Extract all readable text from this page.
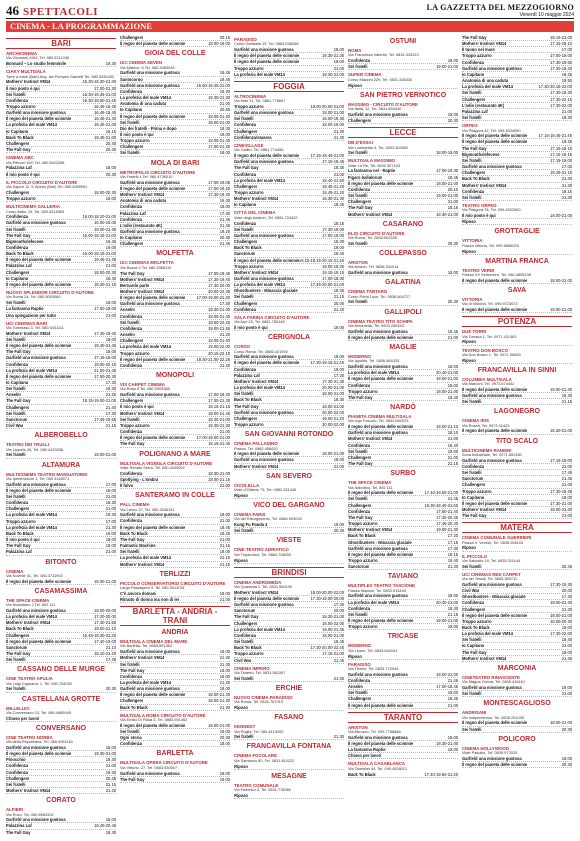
46 SPETTACOLI	LA GAZZETTA DEL MEZZOGIORNO
Venerdì 10 maggio 2024
CINEMA - LA PROGRAMMAZIONE
BARI
ARCHICINEMA
Via Giovanni XXIII, Tel. 080.5211036
Bonnard – Lo studio femminile	19.30
CIAKY MULTISALA
Torre a mare (Bari) Ang. via Pompeo Sarnelli Tel. 080.5430432
Mothers' Instinct VM14	16.30-18.30-21.30
Il mio posto è qui	17.00-21.30
Sei fratelli	16.30-18.45-21.00
Confidenza	16.30-18.50-21.45
Troppo azzurro	16.45-18.45
Garfield una missione gustosa	16.45-18.45
Il regno del pianeta delle scimmie	16.45-21.40
La profezia del male VM14	18.45-21.00
Io Capitano	16.15
Back To Black	18.45-21.00
Challengers	20.45
The Fall Guy	20.45
CINEMA ABC
Via Petroni 15/f, Tel. 080.5422268
Palazzina Laf	18.00
Il mio posto è qui	20.30
IL PICCOLO CIRCUITO D'AUTORE
Via Sapori 11, S.Spirito (Bari) Tel. 080.3399091
Challengers	18.00-20.30
Troppo azzurro	18.00
MULTICINEMA GALLERIA
Corso Italia, 15, Tel. 080.5214563
Confidenza	16.00-18.20-21.00
Garfield una missione gustosa	16.00-18.05
Sei fratelli	18.00-21.45
The Fall Guy	16.00-18.15-21.00
Bigmouthslefecese	16.45
Confidenza	19.00
Back To Black	16.00-18.15-21.00
Il regno del pianeta delle scimmie	19.45-21.45
Palazzina Laf	21.00
Challengers	18.00-20.30
Io Capitano	18.45
Il regno del pianeta delle scimmie	18.30-21.15
NUOVO SPLENDOR CIRCUITO D'AUTORE
Via Roma 24, Tel. 080.5093060
Sei fratelli	18.00
La fantasma Raptie	17.00-19.00
Una spiegazione per tutto	21.00
UCI CINEMAS BARI
Via Tommaso 3, Tel. 080.5431111
Mothers' Instinct VM14	17.30-19.40
Sei fratelli	18.00
Il regno del pianeta delle scimmie	18.40-21.45
The Fall Guy	18.00
Garfield una missione gustosa	17.15-19.00
Confidenza	19.00-20.15
La profezia del male VM14	21.00-21.45
Il regno del pianeta delle scimmie	17.50-20.30
Io Capitano	17.30
Sei fratelli	18.30
Anselm	21.25
The Fall Guy	18.15-19.00-21.00
Challengers	21.40
Sei fratelli	17.30
Sanctorum	17.45-19.55
Civil War	21.15
ALBEROBELLO
TEATRO DEI TRULLI
Via Lippolis 26, Tel. 080.4323036
Sei fratelli	18.00-21.00
ALTAMURA
MULTICINEMA TEATRO MANGIATORDI
Via Ipertensione 1, Tel. 080.3148071
Garfield una missione gustosa	17.00
Il regno del pianeta delle scimmie	18.00
Sei fratelli	21.00
Confidenza	18.30
Challengers	21.00
La profezia del male VM14	19.30
Troppo azzurro	17.00
La profezia del male VM14	21.30
Back To Black	19.00
Il mio posto è qui	18.00
The Fall Guy	18.00
Palazzina Laf	21.00
BITONTO
CINEMA
Via Novelle 31, Tel. 080.3711902
Il regno del pianeta delle scimmie	18.00-21.00
CASAMASSIMA
THE SPACE CINEMA
Via Noicattaro 2 Tel. 892 111
Garfield una missione gustosa	18.00-20.00
La profezia del male VM14	17.20-20.00
Mothers' Instinct VM14	17.40-21.55
Back To Black	18.00-21.10
Challengers	16.45-18.30-21.20
Il regno del pianeta delle scimmie	17.40-19.00
Sanctorum	21.10
The Fall Guy	18.10-21.20
Sei fratelli	17.45
CASSANO DELLE MURGE
CINE TEATRO APULIA
Via Luigi Capuana, 1, Tel. 080.764030
Sei fratelli	20.30
CASTELLANA GROTTE
MILLELUCI
Via Conversano 13, Tel. 080.4965045
Chiuso per lavori
CONVERSANO
CINE TEATRO NORBA
Via della Repubblica, Tel. 080.4951161
Garfield una missione gustosa	18.00
Il regno del pianeta delle scimmie	19.30-21.00
Pinocchio	18.30
Confidenza	21.00
Confidenza	19.30
Challengers	20.45
Sei fratelli	21.15
Mothers' Instinct VM14	21.40
CORATO
ALFIERI
Via Ruvo, Tel. 080.8983332
Garfield una missione gustosa	18.00
Palazzina Laf	18.40-20.45
The Fall Guy	18.30
Challengers	20.15
Il regno del pianeta delle scimmie	18.00-19.00
GIOIA DEL COLLE
UCI CINEMA SEVEN
Via Matrice, 5 Tel. 080.3483025
Garfield una missione gustosa	18.45
Santocorno	18.45
Garfield una missione gustosa	16.50-18.45-21.00
Confidenza	18.30
La profezia del male VM14	18.30-21.30
Anatomia di una caduta	21.00
Io Capitano	20.55
Il regno del pianeta delle scimmie	18.00-21.30
Sei fratelli	18.00-21.00
Dio dei fratelli - Prima e dopo	18.30
Il mio posto è qui	19.00
Troppo azzurro	19.00-21.45
Challengers	17.00-21.30
Sei fratelli	18.00
MOLA DI BARI
METROPOLIS CIRCUITO D'AUTORE
Via Fratelli 4 Tel. 080.4736010
Garfield una missione gustosa	17.00-19.05
Il regno del pianeta delle scimmie	17.00-19.25
Mothers' Instinct VM14	17.30-19.30
Anatomia di una caduta	19.30
Confidenza	18.00
Palazzina Laf	17.30
Confidenza	21.45
L'odio (restaurato 4K)	21.45
Garfield una missione gustosa	19.20
Io Capitano	20.30
Challengers	21.45
MOLFETTA
UCI CINEMAS MOLFETTA
Via Bozza 3 Tel. 080.3358110
The Fall Guy	17.00-19.45
Mothers' Instinct VM14	17.30-19.40
Bernardo parte	17.30-20.00
Mothers' Instinct VM14	20.00-22.35
Il regno del pianeta delle scimmie	17.00-19.00-21.30
Garfield una missione gustosa	17.30
Anselm	19.30-21.00
Confidenza	18.00-21.45
Sei fratelli	18.50-22.25
Confidenza	19.00-21.55
Anselm	21.20
Challengers	19.00-21.40
La profezia del male VM14	19.00-22.00
Troppo azzurro	20.15-22.10
Il regno del pianeta delle scimmie	18.30-21.00-22.25
Confidenza	21.30
MONOPOLI
VIS CARPET CINEMA
Via Rosa 3 Tel. 080.9303088
Garfield una missione gustosa	17.00-18.30
Challengers	17.00-21.30
Il mio posto è qui	18.15-21.15
Mothers' Instinct VM14	18.00-21.45
Sei fratelli	18.30-21.00
Troppo azzurro	18.30-21.30
Confidenza	21.00
Il regno del pianeta delle scimmie	17.00-19.00-21.00
The Fall Guy	19.15-21.45
POLIGNANO A MARE
MULTISALA VIGNOLA CIRCUITO D'AUTORE
Viale Renato Serra, Tel. 080.4240092
Confidenza	18.30-21.00
Spotlying - L'ombra	18.00-21.15
Il fulvo	21.00
SANTERAMO IN COLLE
PALL CINEMA
Via Lanzo 37, Tel. 080.3036151
Garfield una missione gustosa	19.00
Confidenza	21.00
Il regno del pianeta delle scimmie	18.45
Back To Black	18.45
The Fall Guy	21.00
Fantastic Machine	21.15
Sei fratelli	19.00
La profezia del male VM14	21.15
Mothers' Instinct VM14	21.15
TERLIZZI
PICCOLO CONSERVATORIO CIRCUITO D'AUTORE
Largo Passapera 3, Tel. 080.3513031
C'è ancora domani	19.00
Ritratto di donna ma non di lei	21.00
BARLETTA - ANDRIA - TRANI
ANDRIA
MULTISALA CINEMA DEL MARE
Via Barletta, Tel. 0883.591362
Garfield una missione gustosa	18.00
Mothers' Instinct VM14	21.30
Sei fratelli	21.30
The Fall Guy	18.00
Confidenza	18.00
La profezia del male VM14	21.30
Garfield una missione gustosa	18.00
Il regno del pianeta delle scimmie	18.00-21.30
Challengers	18.00-21.30
Back To Black	21.30
MULTISALA ROMA CIRCUITO D'AUTORE
Via Emilio Di Rosa 3, Tel. 0883.591362
Il regno del pianeta delle scimmie	18.00-21.00
Sei fratelli	18.00
Ogni storia	20.30
Confidenza	18.00
BARLETTA
MULTISALA OPERA CIRCUITO D'AUTORE
Via Vittorio, 27, Tel. 0883.530007
Garfield una missione gustosa	18.00
The Fall Guy	18.00
PARADISO
Corso Garibaldi 29, Tel. 0883.536048
Garfield una missione gustosa	18.00
Il regno del pianeta delle scimmie	18.30-21.30
Il regno del pianeta delle scimmie	18.00
Troppo azzurro	21.00
La profezia del male VM14	18.30-21.00
FOGGIA
ALTROCINEMA
Via Mari 11, Tel. 0881.778807
Troppo azzurro	18.00-20.00-21.00
Garfield una missione gustosa	18.00-21.00
Sei fratelli	18.00-19.30
Confidenza	18.00-19.00
Challengers	21.30
Confidenza/stasera	21.30
CINEVILLAGE
Via Galilei, Tel. 0881.774456
Il regno del pianeta delle scimmie	17.15-18.45-21.00
Garfield una missione gustosa	17.15-18.45
The Fall Guy	18.30
Confidenza	21.00
La profezia del male VM14	18.40-21.50
Challengers	18.45-21.20
Troppo azzurro	18.45-21.20
Mothers' Instinct VM14	18.30-21.30
Io Capitano	18.45
CITTÀ DEL CINEMA
Viale degli Aviatori, Tel. 0881.724422
Confidenza	18.15
Sei fratelli	17.30-19.00
Garfield una missione gustosa	17.00-18.00
Challengers	18.30
Back To Black	19.00
Sanctorum	19.40
Il regno del pianeta delle scimmie 18.15-19.15-20.15-21.45
Troppo azzurro	18.00-19.30
Mothers' Instinct VM14	18.15-19.15
Garfield una missione gustosa	17.00-18.30
La profezia del male VM14	17.45-20.00-21.00
Ghostbusters - Minaccia glaciale	18.40
Sei fratelli	21.15
Challengers	20.00
Confidenza	21.20
SALA FARINA CIRCUITO D'AUTORE
Via Arpi 25, Tel. 0881.750148
Il mio posto è qui	18.00
CERIGNOLA
CORSO
Corso Roma, Tel. 0885.421900
Garfield una missione gustosa	18.00
Il regno del pianeta delle scimmie	17.30-19.15-21.40
Confidenza	19.00
Palazzina Laf	17.30
Mothers' Instinct VM14	17.30-21.30
La profezia del male VM14	20.00-21.00
Sei fratelli	18.00-21.00
Back To Black	18.30
The Fall Guy	18.00-21.00
Garfield una missione gustosa	20.00-22.00
Challengers	19.00-21.20
Troppo azzurro	20.00-22.00
SAN GIOVANNI ROTONDO
CINEMA PALLADINO
Piazza, Tel. 0882.456020
Il regno del pianeta delle scimmie	18.00-21.00
Garfield una missione gustosa	18.00
Mothers' Instinct VM14	21.00
SAN SEVERO
CICOLELLA
Viale d'Ottavio 73, Tel. 0882.331446
Riposo
VICO DEL GARGANO
CINEMA PARIS
Via del Risorgimento, Tel. 0884.993033
Kung Fu Panda 4	19.00
Sei fratelli	20.30
VIESTE
CINE-TEATRO ADRIATICO
Via Trepiccioni, Tel. 0884.708000
Riposo
BRINDISI
CINEMA ANDROMEDA
Via Quaranta 1, Tel. 0831.569100
Mothers' Instinct VM14	18.00-20.00-22.00
Il regno del pianeta delle scimmie	17.30-18.00-20.00
Garfield una missione gustosa	17.30
Sanctorum	20.00
The Fall Guy	18.30-21.00
Challengers	18.00-22.00
La profezia del male VM14	19.00-21.45
Confidenza	18.00-21.00
Sei fratelli	18.45
Back To Black	17.30-20.00-22.45
Troppo azzurro	17.15-21.00
Civil War	21.45
CINEMA IMPERO
Via Taranto, Tel. 0831.562267
Sei fratelli	21.00
ERCHIE
NUOVO CINEMA PARADISO
Via Roma, Tel. 0831.767013
Riposo
FASANO
KENNEDY
Via Puglia, Tel. 080.4413000
Sei fratelli	21.30
FRANCAVILLA FONTANA
CINEMA FOCOLARE
Via Sambuco 80, Tel. 0831.810222
Riposo
MESAGNE
TEATRO COMUNALE
Via Federico II, Tel. 0831.778080
Riposo
OSTUNI
ROMA
Via Francesco Valente, Tel. 0831.333310
Confidenza	18.00
Sei fratelli	19.00-21.00
SUPER CINEMA
Corso Mazzini 229, Tel. 0831.338330
Riposo
SAN PIETRO VERNOTICO
MASSIMO - CIRCUITO D'AUTORE
Via Italia, 12, Tel. 0831.654440
Garfield una missione gustosa	18.00
Challengers	20.30
LECCE
DB D'ESSAI
Via Lombardia 4, Tel. 0832.304552
Sei fratelli	18.00-19.00
MULTISALA MASSIMO
Viale Lo Re, Tel. 0832.307433
La fantasma nel - Raptie	17.00-19.30
Figaro ballalorum	18.45
Il regno del pianeta delle scimmie	18.00-21.00
Confidenza	20.10
Sei fratelli	19.00-21.00
Challengers	21.00
The Fall Guy	18.15
Mothers' Instinct VM14	18.30-21.00
CASARANO
ELIO CIRCUITO D'AUTORE
Via Roma, Tel. 0833.502535
Sei fratelli	20.30
COLLEPASSO
ARISTON
Via Ariston, Tel. 0836.341014
Garfield una missione gustosa	18.00
GALATINA
CINEMA TARTARO
Corso Porta Luce, Tel. 0836.564727
Sei fratelli	20.30
GALLIPOLI
CINEMA TEATRO TITO SCHIPA
Via Antonietta, Tel. 0833.266163
Garfield una missione gustosa	18.45
Il regno del pianeta delle scimmie	21.00
MAGLIE
MODERNO
Via Ippolito, Tel. 0836.484333
Garfield una missione gustosa	18.00
La profezia del male VM14	20.40-21.00
Il regno del pianeta delle scimmie	18.00-21.00
Confidenza	18.00
Troppo azzurro	18.00-21.00
The Fall Guy	18.40
NARDÒ
PIANETA CINEMA MULTISALA
Via Ugo Foscolo, Tel. 0833.562023
Il regno del pianeta delle scimmie	18.00-21.10
Garfield una missione gustosa	18.10
Mothers' Instinct VM14	21.00
Confidenza	18.40
Sei fratelli	19.00
Challengers	21.00
The Fall Guy	21.15
SURBO
THE SPACE CINEMA
Via Sabotino, Tel. 892 111
Il regno del pianeta delle scimmie	17.40-18.50-21.00
Sei fratelli	21.45
Challengers	16.30-18.45-21.50
Confidenza	17.50-21.40
The Fall Guy	17.30-20.45
Troppo azzurro	17.45-20.40
Mothers' Instinct VM14	19.00-21.30
Back To Black	17.20
Ghostbusters - Minaccia glaciale	17.15
Garfield una missione gustosa	17.30
Il regno del pianeta delle scimmie	18.15
Troppo azzurro	19.40
Sanctorum	21.30
TAVIANO
MULTIPLEX TEATRO TASCIONE
Piazza Mazzini, Tel. 0833.913443
Garfield una missione gustosa	18.00
La profezia del male VM14	20.40-21.00
Confidenza	18.30
Sei fratelli	21.15
Il regno del pianeta delle scimmie	18.00-21.00
Troppo azzurro	19.00
TRICASE
MODERNO
Via Leone, Tel. 0833.544161
Riposo
PARADISO
Via Tiberio, Tel. 0833.770044
Garfield una missione gustosa	18.00-21.00
Confidenza	21.45
Anselm	17.00-18.45
Sei fratelli	19.00
Challengers	18.45
Il regno del pianeta delle scimmie	21.00
TARANTO
ARISTON
Via Abruzzo, Tel. 099.7768848
Garfield una missione gustosa	18.00
Il regno del pianeta delle scimmie	18.30-21.00
La fantasma Raptie	18.00
Chiuso per lavori
MULTISALA CASABLANCA
Via Oberdan 44, Tel. 099.4528021
Back To Black	17.40-19.50-21.40
The Fall Guy	18.15-21.00
Mothers' Instinct VM14	17.15-19.10
Il tuono nel mare	17.00
Troppo azzurro	17.00-19.00
Confidenza	17.30-19.50
Garfield una missione gustosa	17.30-18.40
Io Capitano	18.45
Anatomia di una caduta	19.50
La profezia del male VM14	17.30-20.15-22.00
Sei fratelli	17.30-19.30
Challengers	17.30-22.15
L'odio (restaurato 4K)	17.30-22.00
Palazzina Laf	21.00
Sei fratelli	19.30
ORFEO
Via Pitagora 42, Tel. 099.4534090
Il regno del pianeta delle scimmie	17.15-18.45-21.45
Il regno del pianeta delle scimmie	18.45
The Fall Guy	17.15-19.15
Bigmouthslefecese	17.15-19.15
Sei fratelli	17.15-19.00
Garfield una missione gustosa	17.00
Challengers	18.45-21.15
Back To Black	21.30
Mothers' Instinct VM14	21.30
Confidenza	18.15
Sei fratelli	21.30
TEATRO ORFEO
Via Pitagora 78, Tel. 099.4532900
Il mio posto è qui	18.00-21.00
Riposo
GROTTAGLIE
VITTORIA
Piazza Vittoria, Tel. 099.5665025
Riposo
MARTINA FRANCA
TEATRO VERDI
Piazza XX Settembre, Tel. 080.4805108
Il regno del pianeta delle scimmie	18.00-21.00
SAVA
VITTORIA
Via di Viktoria, Tel. 099.9723673
Il regno del pianeta delle scimmie	19.00-21.00
POTENZA
DUE TORRI
Via Torraca 1, Tel. 0971.411463
Riposo
TEATRO DON BOSCO
Via Don Bosco 1, Tel. 0971.56663
Riposo
FRANCAVILLA IN SINNI
COLUMBIA MULTISALA
Via Marconi, Tel. 0973.574442
Il regno del pianeta delle scimmie	19.00-21.30
Garfield una missione gustosa	19.30
Sei fratelli	21.15
LAGONEGRO
CINEMA IRIS
Via Roseti, Tel. 0973.41423
Il regno del pianeta delle scimmie	18.30-21.00
TITO SCALO
MULTICINEMA RANIERI
Zona Industriale, Tel. 0971.652180
Garfield una missione gustosa	17.15-19.00
Confidenza	21.00
Sei fratelli	17.45
Sanctorum	21.45
Challengers	21.00
Troppo azzurro	17.30-19.45
Io Capitano	18.00
Il regno del pianeta delle scimmie	17.30-21.00
Mothers' Instinct VM14	19.00-21.30
The Fall Guy	21.00
MATERA
CINEMA COMUNALE GUERRIERI
Piazza V. Veneto, Tel. 0835.256103
Riposo
IL PICCOLO
Via Sallustio 19, Tel. 0835.311144
Sei fratelli	20.45
UCI CINEMAS RED CARPET
Via dei Tessili, Tel. 0835.389711
Garfield una missione gustosa	17.30-18.30
Civil War	20.00
Ghostbusters - Minaccia glaciale	17.30
Confidenza	19.00-21.30
Challengers	21.30
Il regno del pianeta delle scimmie	18.00-21.00
Troppo azzurro	18.00-20.30
Back To Black	19.00
La profezia del male VM14	17.30-22.00
Sei fratelli	18.40
Io Capitano	21.00
The Fall Guy	18.00
Mothers' Instinct VM14	21.45
MARCONIA
CINETEATRO RINASCENTE
Via Magna Grecia, Tel. 0835.416110
Garfield una missione gustosa	19.00
Sei fratelli	21.00
MONTESCAGLIOSO
ANDRISANI
Via Indipendenza, Tel. 0835.201035
Il regno del pianeta delle scimmie	18.00-21.00
Sei fratelli	20.30
POLICORO
CINEMA HOLLYWOOD
Viale Pasolini, Tel. 0835.972025
Garfield una missione gustosa	18.00
Il regno del pianeta delle scimmie	20.30
